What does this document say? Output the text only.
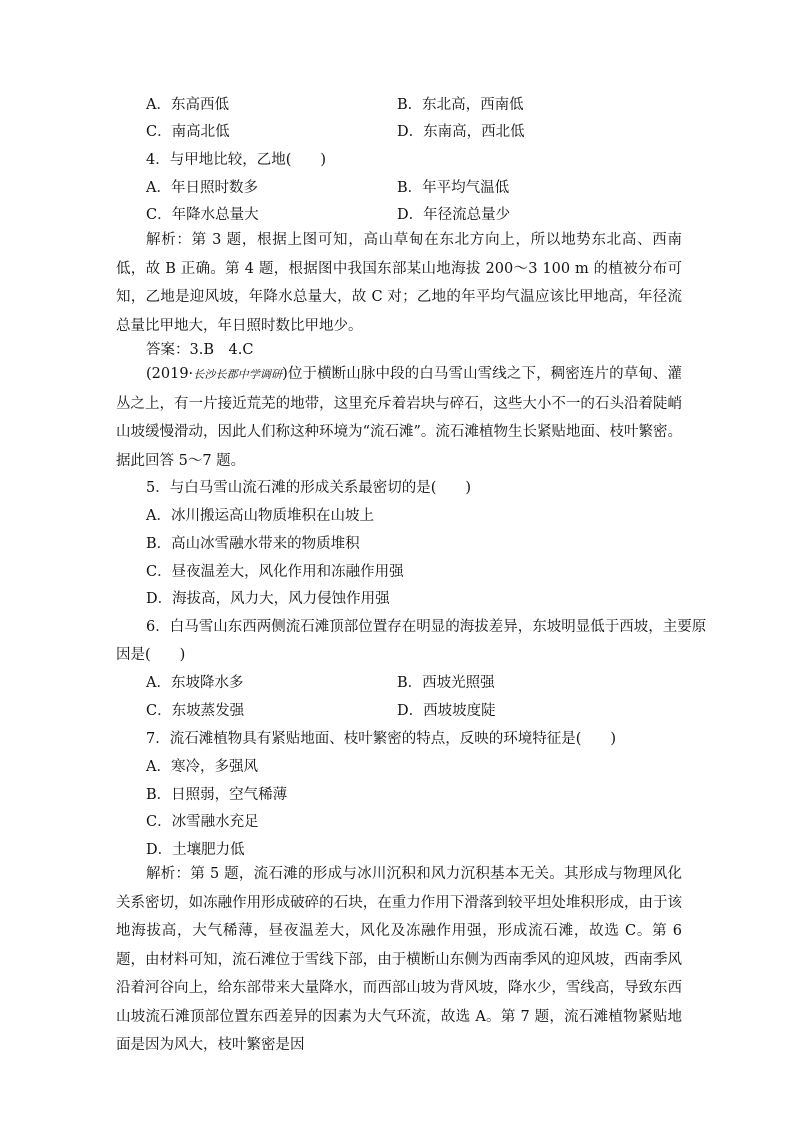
A．东高西低	B．东北高，西南低
C．南高北低	D．东南高，西北低
4．与甲地比较，乙地(　　)
A．年日照时数多	B．年平均气温低
C．年降水总量大	D．年径流总量少
解析：第 3 题，根据上图可知，高山草甸在东北方向上，所以地势东北高、西南低，故 B 正确。第 4 题，根据图中我国东部某山地海拔 200～3 100 m 的植被分布可知，乙地是迎风坡，年降水总量大，故 C 对；乙地的年平均气温应该比甲地高，年径流总量比甲地大，年日照时数比甲地少。
答案：3.B　4.C
(2019·长沙长郡中学调研)位于横断山脉中段的白马雪山雪线之下，稠密连片的草甸、灌丛之上，有一片接近荒芜的地带，这里充斥着岩块与碎石，这些大小不一的石头沿着陡峭山坡缓慢滑动，因此人们称这种环境为“流石滩”。流石滩植物生长紧贴地面、枝叶繁密。据此回答 5～7 题。
5．与白马雪山流石滩的形成关系最密切的是(　　)
A．冰川搬运高山物质堆积在山坡上
B．高山冰雪融水带来的物质堆积
C．昼夜温差大，风化作用和冻融作用强
D．海拔高，风力大，风力侵蚀作用强
6．白马雪山东西两侧流石滩顶部位置存在明显的海拔差异，东坡明显低于西坡，主要原
因是(　　)
A．东坡降水多	B．西坡光照强
C．东坡蒸发强	D．西坡坡度陡
7．流石滩植物具有紧贴地面、枝叶繁密的特点，反映的环境特征是(　　)
A．寒冷，多强风
B．日照弱，空气稀薄
C．冰雪融水充足
D．土壤肥力低
解析：第 5 题，流石滩的形成与冰川沉积和风力沉积基本无关。其形成与物理风化关系密切，如冻融作用形成破碎的石块，在重力作用下滑落到较平坦处堆积形成，由于该地海拔高，大气稀薄，昼夜温差大，风化及冻融作用强，形成流石滩，故选 C。第 6 题，由材料可知，流石滩位于雪线下部，由于横断山东侧为西南季风的迎风坡，西南季风沿着河谷向上，给东部带来大量降水，而西部山坡为背风坡，降水少，雪线高，导致东西山坡流石滩顶部位置东西差异的因素为大气环流，故选 A。第 7 题，流石滩植物紧贴地面是因为风大，枝叶繁密是因
